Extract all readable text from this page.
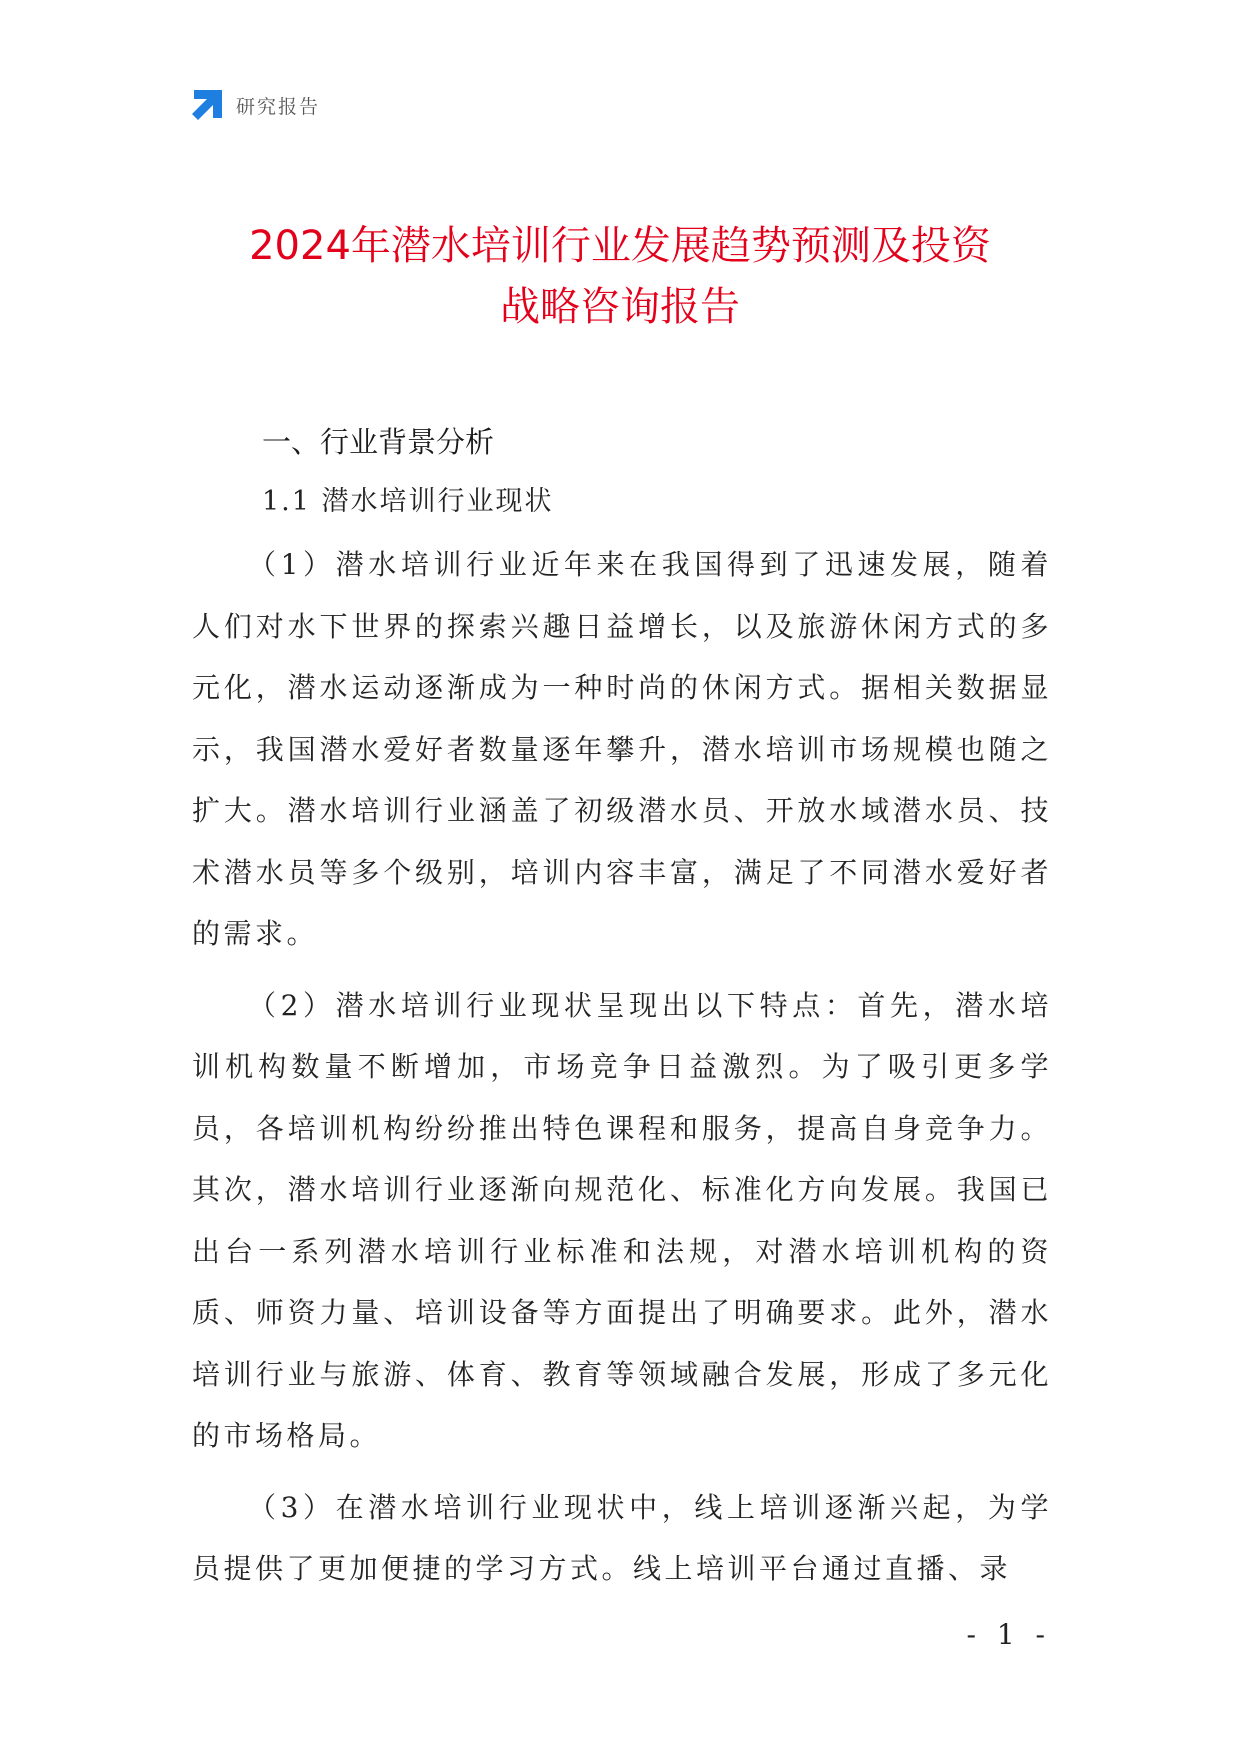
研究报告
2024年潜水培训行业发展趋势预测及投资
战略咨询报告
一、行业背景分析
1.1 潜水培训行业现状

（1）潜水培训行业近年来在我国得到了迅速发展，随着人们对水下世界的探索兴趣日益增长，以及旅游休闲方式的多元化，潜水运动逐渐成为一种时尚的休闲方式。据相关数据显示，我国潜水爱好者数量逐年攀升，潜水培训市场规模也随之扩大。潜水培训行业涵盖了初级潜水员、开放水域潜水员、技术潜水员等多个级别，培训内容丰富，满足了不同潜水爱好者的需求。

（2）潜水培训行业现状呈现出以下特点：首先，潜水培训机构数量不断增加，市场竞争日益激烈。为了吸引更多学员，各培训机构纷纷推出特色课程和服务，提高自身竞争力。其次，潜水培训行业逐渐向规范化、标准化方向发展。我国已出台一系列潜水培训行业标准和法规，对潜水培训机构的资质、师资力量、培训设备等方面提出了明确要求。此外，潜水培训行业与旅游、体育、教育等领域融合发展，形成了多元化的市场格局。

（3）在潜水培训行业现状中，线上培训逐渐兴起，为学员提供了更加便捷的学习方式。线上培训平台通过直播、录

- 1 -
